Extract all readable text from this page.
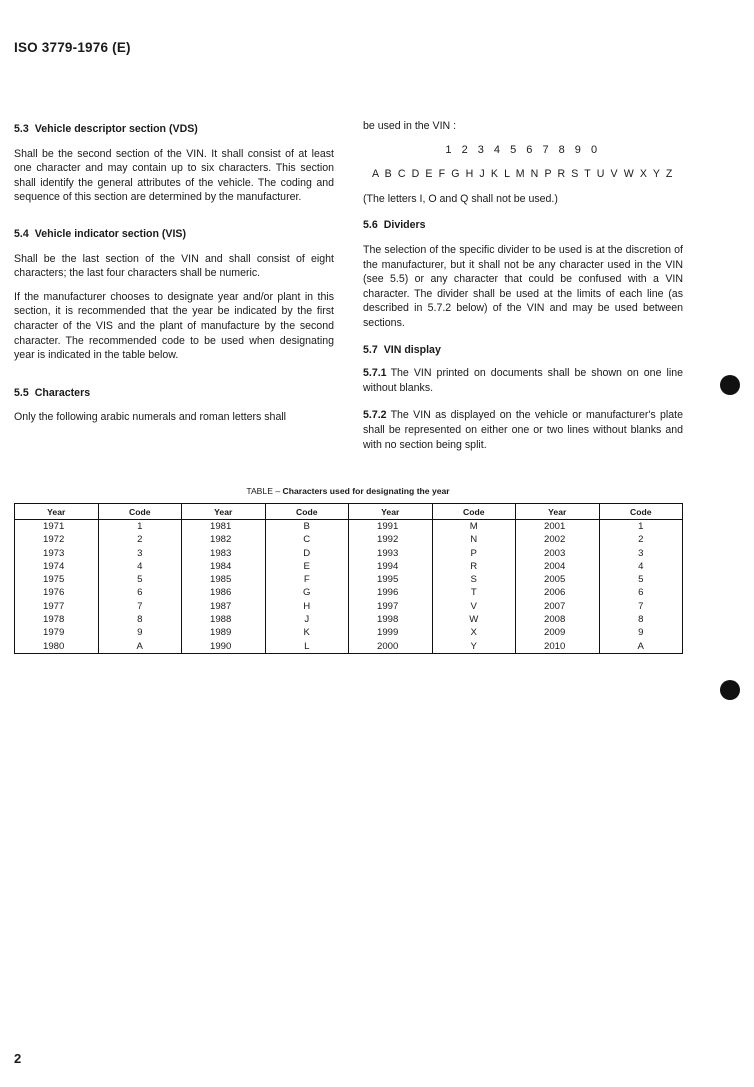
ISO 3779-1976 (E)
5.3 Vehicle descriptor section (VDS)

Shall be the second section of the VIN. It shall consist of at least one character and may contain up to six characters. This section shall identify the general attributes of the vehicle. The coding and sequence of this section are determined by the manufacturer.

5.4 Vehicle indicator section (VIS)

Shall be the last section of the VIN and shall consist of eight characters; the last four characters shall be numeric.

If the manufacturer chooses to designate year and/or plant in this section, it is recommended that the year be indicated by the first character of the VIS and the plant of manufacture by the second character. The recommended code to be used when designating year is indicated in the table below.

5.5 Characters

Only the following arabic numerals and roman letters shall

be used in the VIN :

1 2 3 4 5 6 7 8 9 0

A B C D E F G H J K L M N P R S T U V W X Y Z

(The letters I, O and Q shall not be used.)

5.6 Dividers

The selection of the specific divider to be used is at the discretion of the manufacturer, but it shall not be any character used in the VIN (see 5.5) or any character that could be confused with a VIN character. The divider shall be used at the limits of each line (as described in 5.7.2 below) of the VIN and may be used between sections.

5.7 VIN display

5.7.1 The VIN printed on documents shall be shown on one line without blanks.

5.7.2 The VIN as displayed on the vehicle or manufacturer's plate shall be represented on either one or two lines without blanks and with no section being split.

TABLE – Characters used for designating the year
Year	Code	Year	Code	Year	Code	Year	Code
1971	1	1981	B	1991	M	2001	1
1972	2	1982	C	1992	N	2002	2
1973	3	1983	D	1993	P	2003	3
1974	4	1984	E	1994	R	2004	4
1975	5	1985	F	1995	S	2005	5
1976	6	1986	G	1996	T	2006	6
1977	7	1987	H	1997	V	2007	7
1978	8	1988	J	1998	W	2008	8
1979	9	1989	K	1999	X	2009	9
1980	A	1990	L	2000	Y	2010	A
2
